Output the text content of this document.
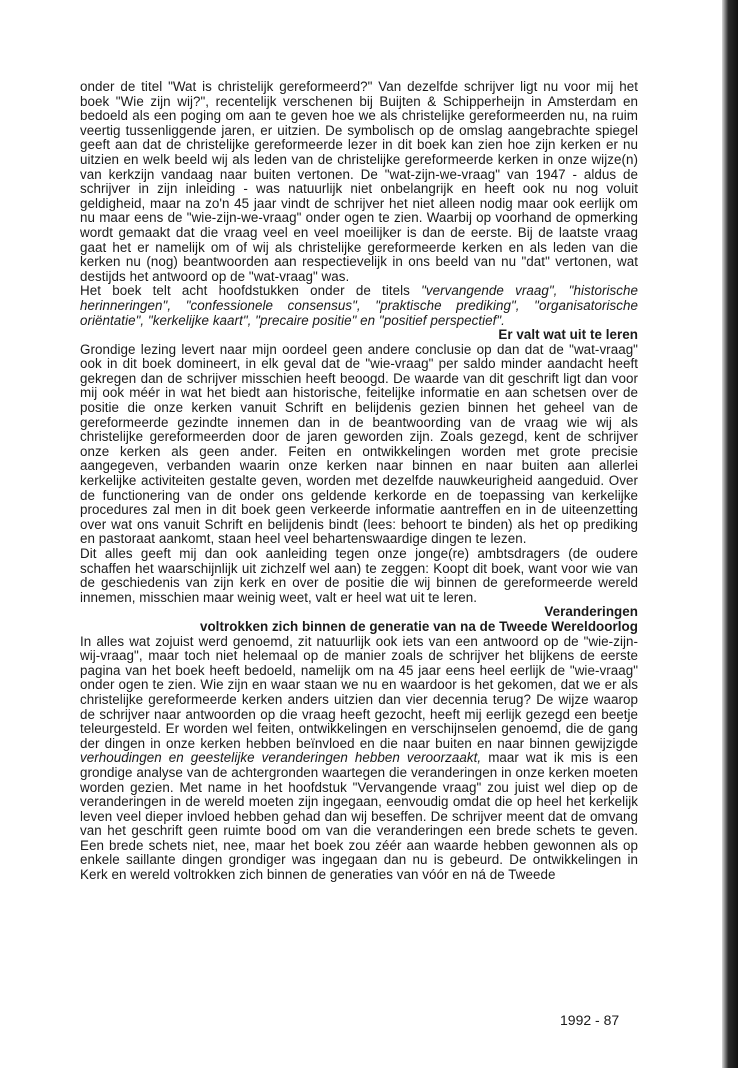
onder de titel "Wat is christelijk gereformeerd?" Van dezelfde schrijver ligt nu voor mij het boek "Wie zijn wij?", recentelijk verschenen bij Buijten & Schipperheijn in Amsterdam en bedoeld als een poging om aan te geven hoe we als christelijke gereformeerden nu, na ruim veertig tussenliggende jaren, er uitzien. De symbolisch op de omslag aangebrachte spiegel geeft aan dat de christelijke gereformeerde lezer in dit boek kan zien hoe zijn kerken er nu uitzien en welk beeld wij als leden van de christelijke gereformeerde kerken in onze wijze(n) van kerkzijn vandaag naar buiten vertonen. De "wat-zijn-we-vraag" van 1947 - aldus de schrijver in zijn inleiding - was natuurlijk niet onbelangrijk en heeft ook nu nog voluit geldigheid, maar na zo'n 45 jaar vindt de schrijver het niet alleen nodig maar ook eerlijk om nu maar eens de "wie-zijn-we-vraag" onder ogen te zien. Waarbij op voorhand de opmerking wordt gemaakt dat die vraag veel en veel moeilijker is dan de eerste. Bij de laatste vraag gaat het er namelijk om of wij als christelijke gereformeerde kerken en als leden van die kerken nu (nog) beantwoorden aan respectievelijk in ons beeld van nu "dat" vertonen, wat destijds het antwoord op de "wat-vraag" was.

Het boek telt acht hoofdstukken onder de titels "vervangende vraag", "historische herinneringen", "confessionele consensus", "praktische prediking", "organisatorische oriëntatie", "kerkelijke kaart", "precaire positie" en "positief perspectief".

Er valt wat uit te leren

Grondige lezing levert naar mijn oordeel geen andere conclusie op dan dat de "wat-vraag" ook in dit boek domineert, in elk geval dat de "wie-vraag" per saldo minder aandacht heeft gekregen dan de schrijver misschien heeft beoogd. De waarde van dit geschrift ligt dan voor mij ook méér in wat het biedt aan historische, feitelijke informatie en aan schetsen over de positie die onze kerken vanuit Schrift en belijdenis gezien binnen het geheel van de gereformeerde gezindte innemen dan in de beantwoording van de vraag wie wij als christelijke gereformeerden door de jaren geworden zijn. Zoals gezegd, kent de schrijver onze kerken als geen ander. Feiten en ontwikkelingen worden met grote precisie aangegeven, verbanden waarin onze kerken naar binnen en naar buiten aan allerlei kerkelijke activiteiten gestalte geven, worden met dezelfde nauwkeurigheid aangeduid. Over de functionering van de onder ons geldende kerkorde en de toepassing van kerkelijke procedures zal men in dit boek geen verkeerde informatie aantreffen en in de uiteenzetting over wat ons vanuit Schrift en belijdenis bindt (lees: behoort te binden) als het op prediking en pastoraat aankomt, staan heel veel behartenswaardige dingen te lezen.

Dit alles geeft mij dan ook aanleiding tegen onze jonge(re) ambtsdragers (de oudere schaffen het waarschijnlijk uit zichzelf wel aan) te zeggen: Koopt dit boek, want voor wie van de geschiedenis van zijn kerk en over de positie die wij binnen de gereformeerde wereld innemen, misschien maar weinig weet, valt er heel wat uit te leren.

Veranderingen

voltrokken zich binnen de generatie van na de Tweede Wereldoorlog

In alles wat zojuist werd genoemd, zit natuurlijk ook iets van een antwoord op de "wie-zijn-wij-vraag", maar toch niet helemaal op de manier zoals de schrijver het blijkens de eerste pagina van het boek heeft bedoeld, namelijk om na 45 jaar eens heel eerlijk de "wie-vraag" onder ogen te zien. Wie zijn en waar staan we nu en waardoor is het gekomen, dat we er als christelijke gereformeerde kerken anders uitzien dan vier decennia terug? De wijze waarop de schrijver naar antwoorden op die vraag heeft gezocht, heeft mij eerlijk gezegd een beetje teleurgesteld. Er worden wel feiten, ontwikkelingen en verschijnselen genoemd, die de gang der dingen in onze kerken hebben beïnvloed en die naar buiten en naar binnen gewijzigde verhoudingen en geestelijke veranderingen hebben veroorzaakt, maar wat ik mis is een grondige analyse van de achtergronden waartegen die veranderingen in onze kerken moeten worden gezien. Met name in het hoofdstuk "Vervangende vraag" zou juist wel diep op de veranderingen in de wereld moeten zijn ingegaan, eenvoudig omdat die op heel het kerkelijk leven veel dieper invloed hebben gehad dan wij beseffen. De schrijver meent dat de omvang van het geschrift geen ruimte bood om van die veranderingen een brede schets te geven. Een brede schets niet, nee, maar het boek zou zéér aan waarde hebben gewonnen als op enkele saillante dingen grondiger was ingegaan dan nu is gebeurd. De ontwikkelingen in Kerk en wereld voltrokken zich binnen de generaties van vóór en ná de Tweede

1992 - 87
